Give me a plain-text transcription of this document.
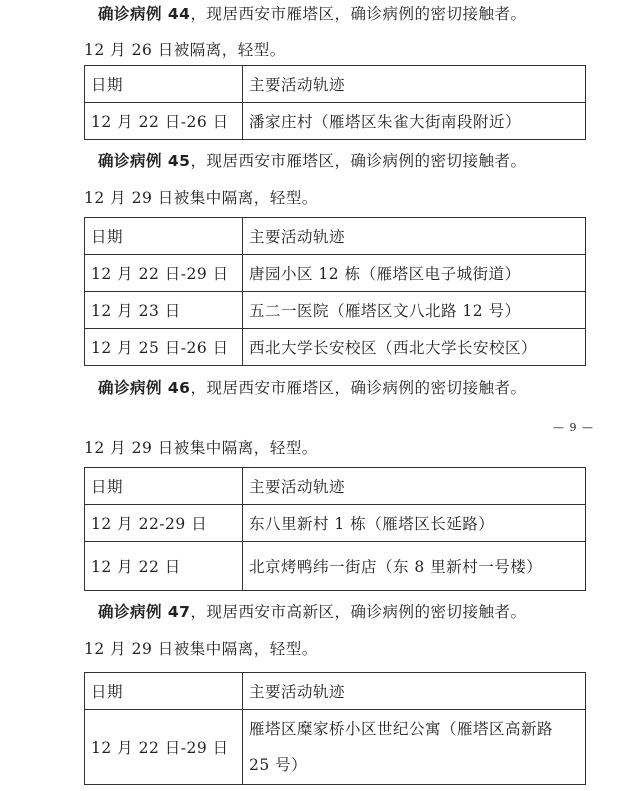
确诊病例 44，现居西安市雁塔区，确诊病例的密切接触者。
12 月 26 日被隔离，轻型。
日期	主要活动轨迹
12 月 22 日-26 日	潘家庄村（雁塔区朱雀大街南段附近）
确诊病例 45，现居西安市雁塔区，确诊病例的密切接触者。
12 月 29 日被集中隔离，轻型。
日期	主要活动轨迹
12 月 22 日-29 日	唐园小区 12 栋（雁塔区电子城街道）
12 月 23 日	五二一医院（雁塔区文八北路 12 号）
12 月 25 日-26 日	西北大学长安校区（西北大学长安校区）
确诊病例 46，现居西安市雁塔区，确诊病例的密切接触者。
— 9 —
12 月 29 日被集中隔离，轻型。
日期	主要活动轨迹
12 月 22-29 日	东八里新村 1 栋（雁塔区长延路）
12 月 22 日	北京烤鸭纬一街店（东 8 里新村一号楼）
确诊病例 47，现居西安市高新区，确诊病例的密切接触者。
12 月 29 日被集中隔离，轻型。
日期	主要活动轨迹
12 月 22 日-29 日	雁塔区糜家桥小区世纪公寓（雁塔区高新路 25 号）
